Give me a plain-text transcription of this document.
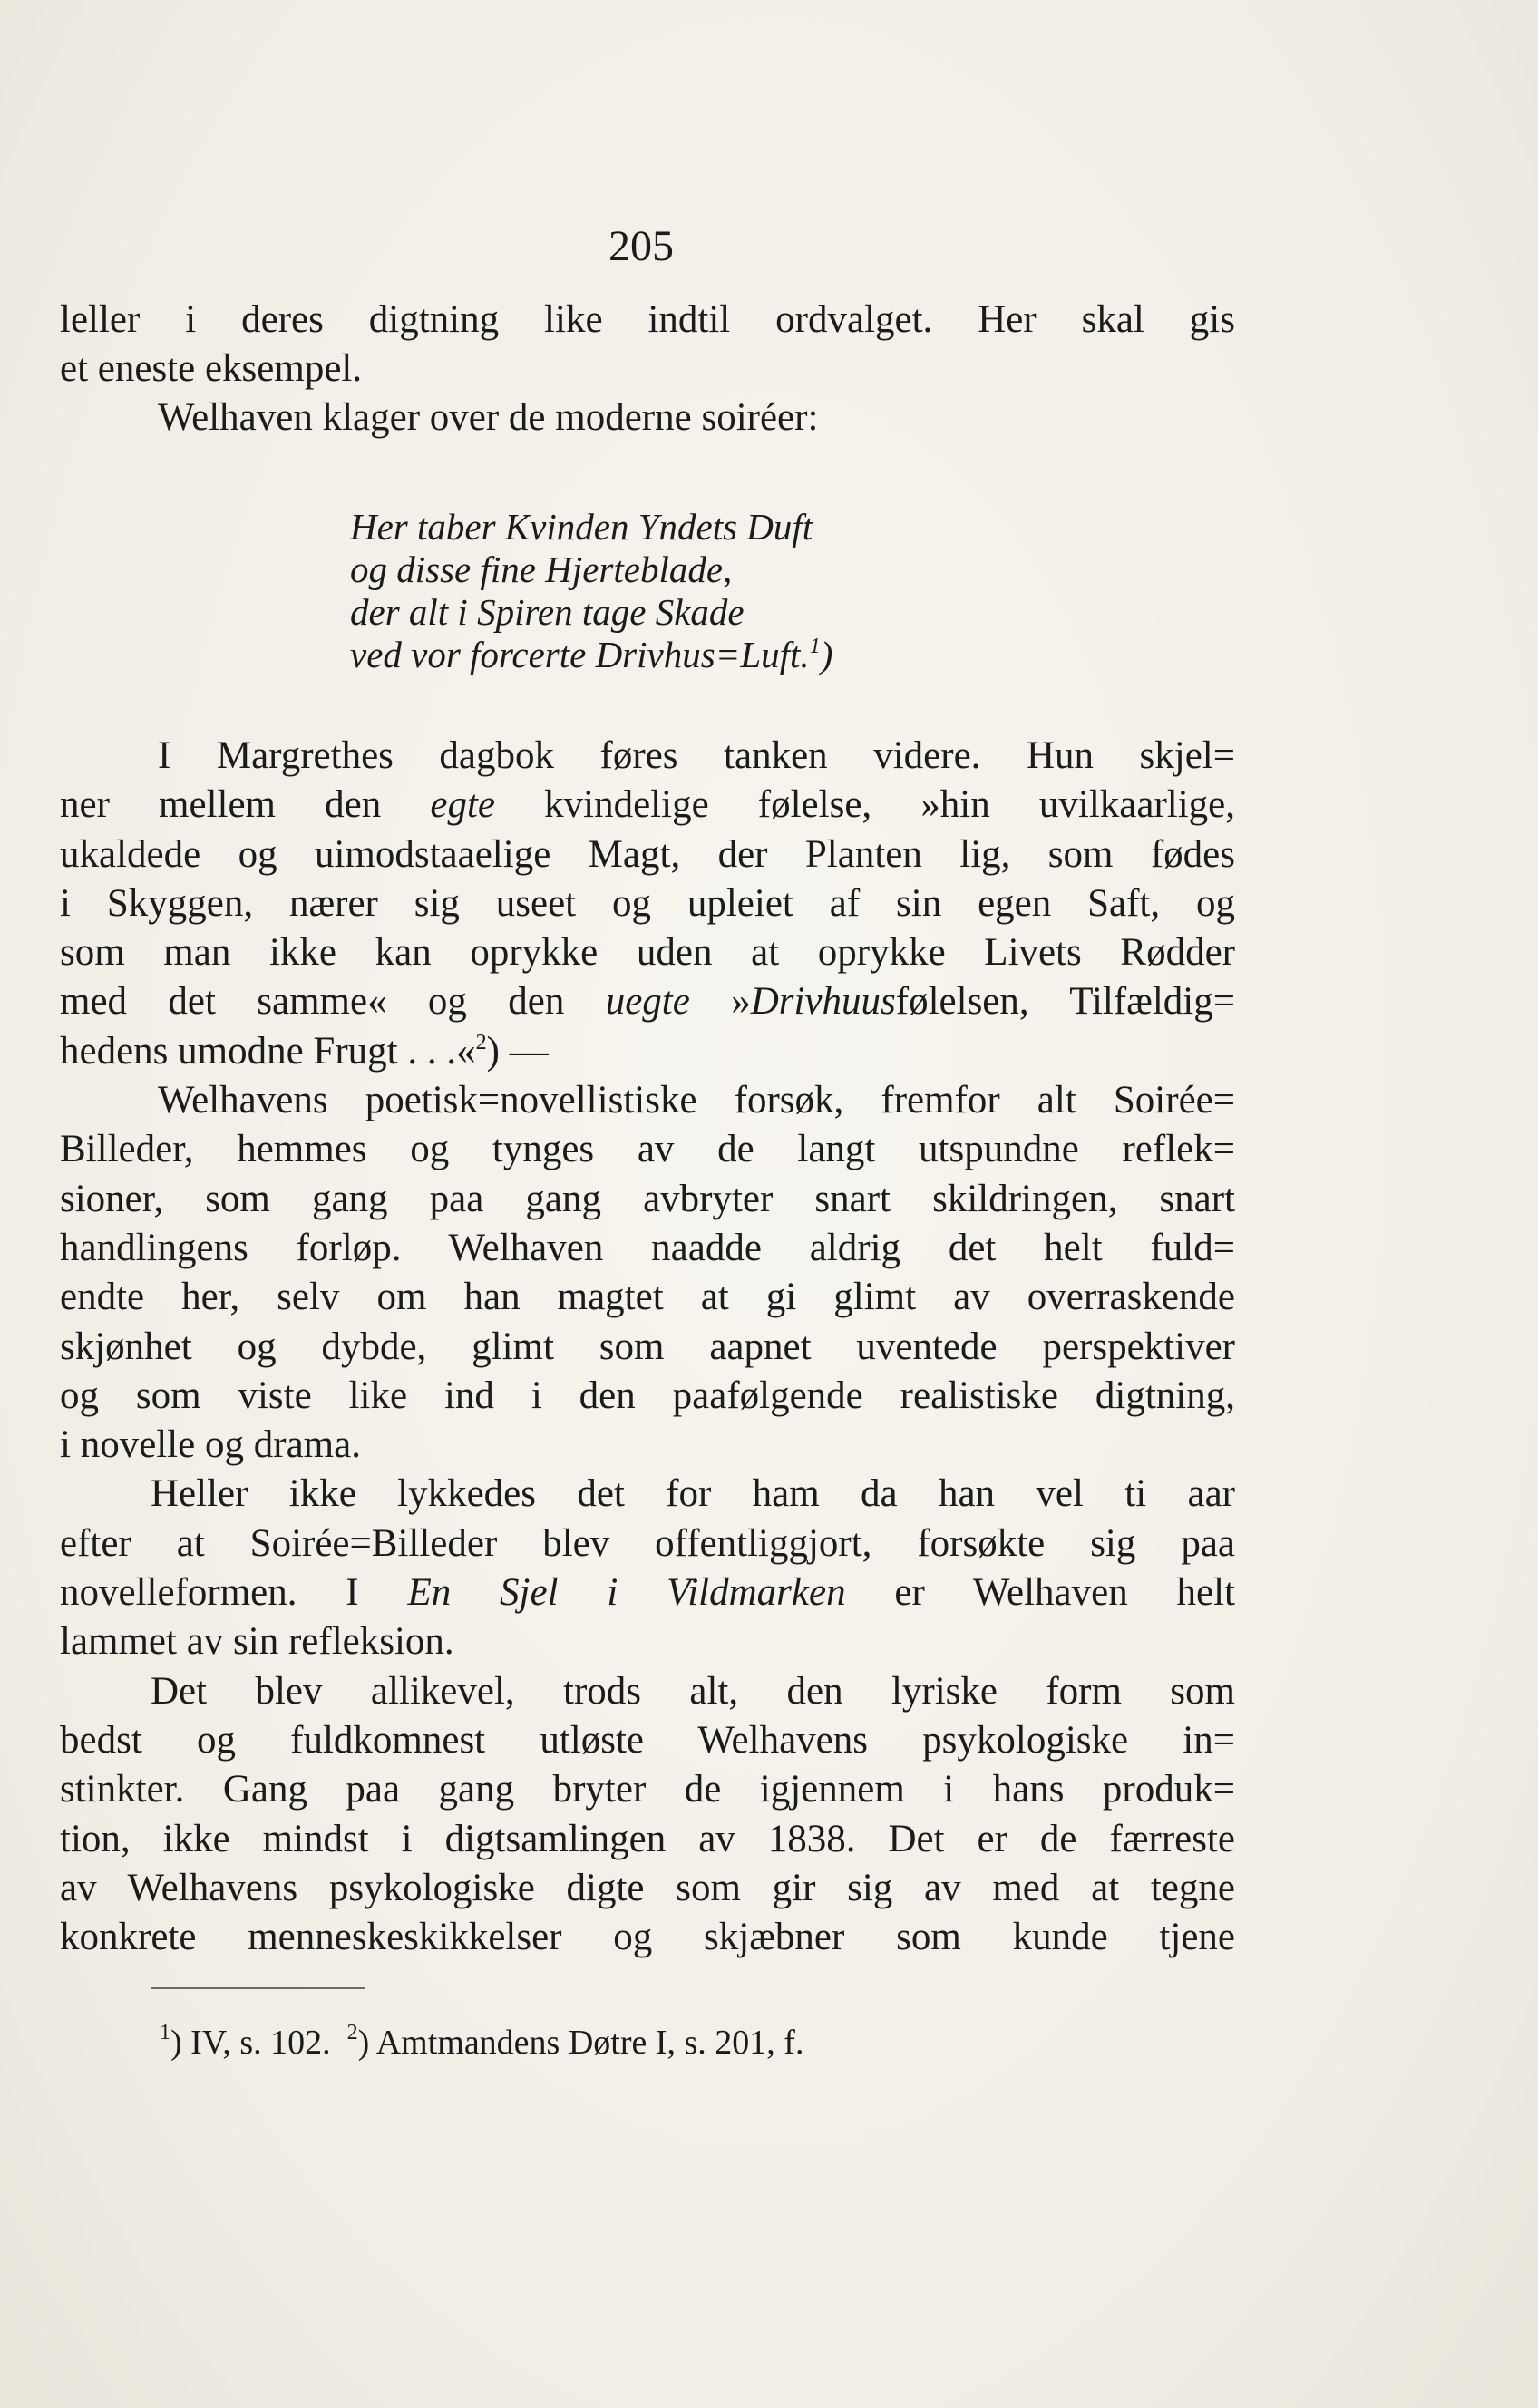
205
leller i deres digtning like indtil ordvalget. Her skal gis
et eneste eksempel.
Welhaven klager over de moderne soiréer:
Her taber Kvinden Yndets Duft
og disse fine Hjerteblade,
der alt i Spiren tage Skade
ved vor forcerte Drivhus=Luft.$^1$)
I Margrethes dagbok føres tanken videre. Hun skjel=
ner mellem den egte kvindelige følelse, »hin uvilkaarlige,
ukaldede og uimodstaaelige Magt, der Planten lig, som fødes
i Skyggen, nærer sig useet og upleiet af sin egen Saft, og
som man ikke kan oprykke uden at oprykke Livets Rødder
med det samme« og den uegte »Drivhuusfølelsen, Tilfældig=
hedens umodne Frugt . . .«$^2$) —
Welhavens poetisk=novellistiske forsøk, fremfor alt Soirée=
Billeder, hemmes og tynges av de langt utspundne reflek=
sioner, som gang paa gang avbryter snart skildringen, snart
handlingens forløp. Welhaven naadde aldrig det helt fuld=
endte her, selv om han magtet at gi glimt av overraskende
skjønhet og dybde, glimt som aapnet uventede perspektiver
og som viste like ind i den paafølgende realistiske digtning,
i novelle og drama.
Heller ikke lykkedes det for ham da han vel ti aar
efter at Soirée=Billeder blev offentliggjort, forsøkte sig paa
novelleformen. I En Sjel i Vildmarken er Welhaven helt
lammet av sin refleksion.
Det blev allikevel, trods alt, den lyriske form som
bedst og fuldkomnest utløste Welhavens psykologiske in=
stinkter. Gang paa gang bryter de igjennem i hans produk=
tion, ikke mindst i digtsamlingen av 1838. Det er de færreste
av Welhavens psykologiske digte som gir sig av med at tegne
konkrete menneskeskikkelser og skjæbner som kunde tjene
$^1$) IV, s. 102. $^2$) Amtmandens Døtre I, s. 201, f.
